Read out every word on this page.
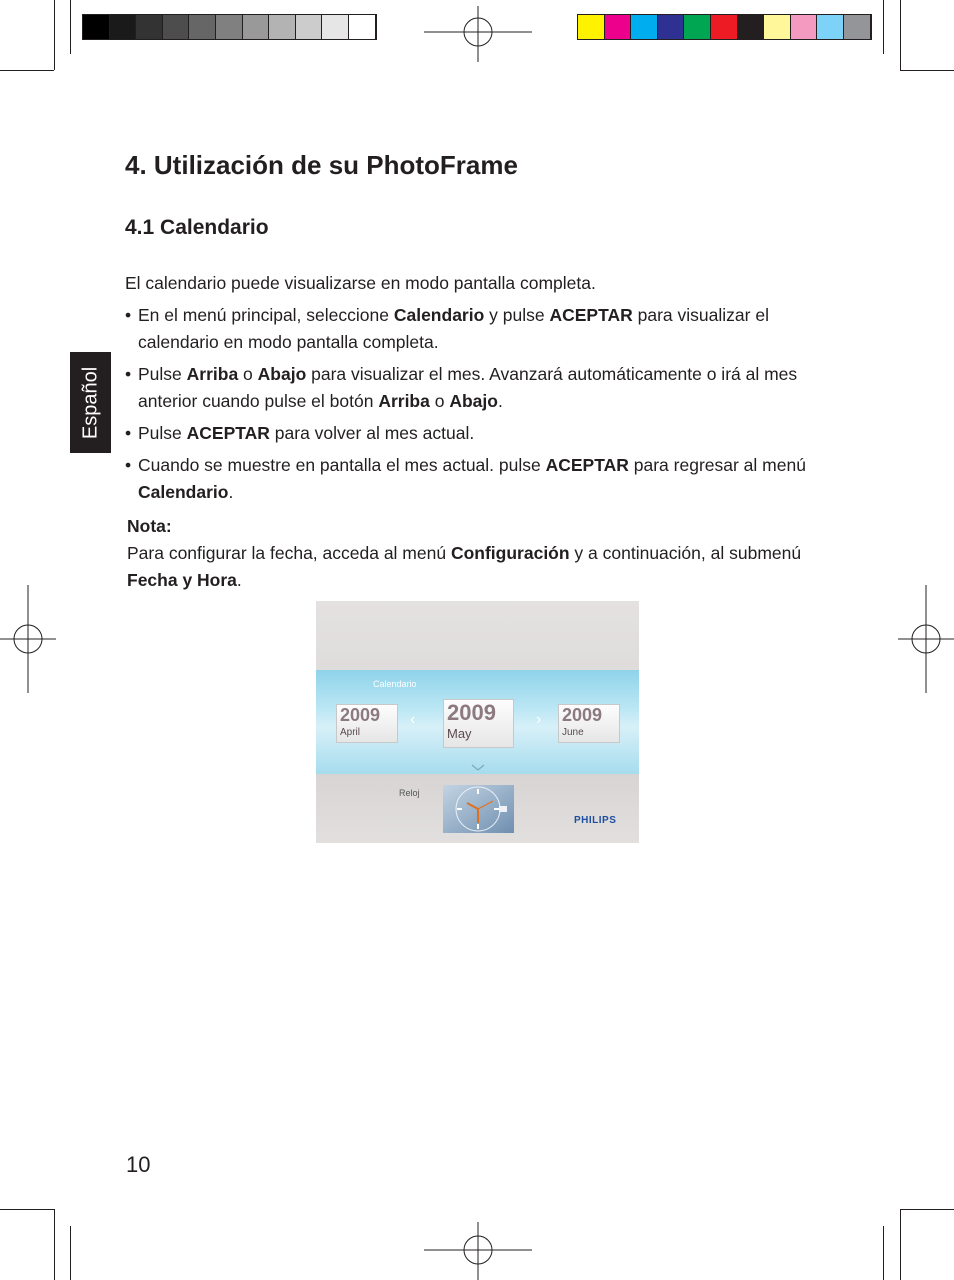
Español
4. Utilización de su PhotoFrame
4.1 Calendario

El calendario puede visualizarse en modo pantalla completa.

• En el menú principal, seleccione Calendario y pulse ACEPTAR para visualizar el calendario en modo pantalla completa.
• Pulse Arriba o Abajo para visualizar el mes. Avanzará automáticamente o irá al mes anterior cuando pulse el botón Arriba o Abajo.
• Pulse ACEPTAR para volver al mes actual.
• Cuando se muestre en pantalla el mes actual. pulse ACEPTAR para regresar al menú Calendario.
Nota:
Para configurar la fecha, acceda al menú Configuración y a continuación, al submenú Fecha y Hora.
Calendario
2009
April
‹ 2009
May
› 2009
June
Reloj
PHILIPS
10
